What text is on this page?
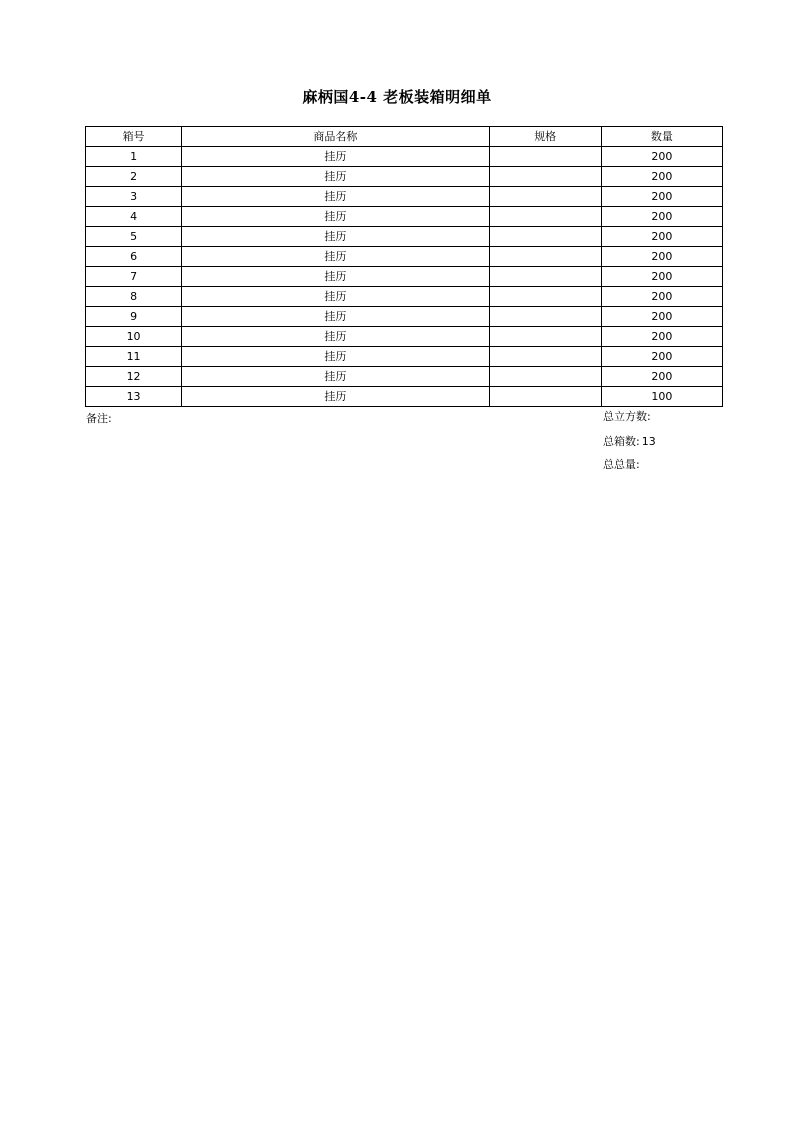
麻柄国4-4 老板装箱明细单
箱号	商品名称	规格	数量
1	挂历		200
2	挂历		200
3	挂历		200
4	挂历		200
5	挂历		200
6	挂历		200
7	挂历		200
8	挂历		200
9	挂历		200
10	挂历		200
11	挂历		200
12	挂历		200
13	挂历		100
备注:	总立方数:
总箱数: 13
总总量:
